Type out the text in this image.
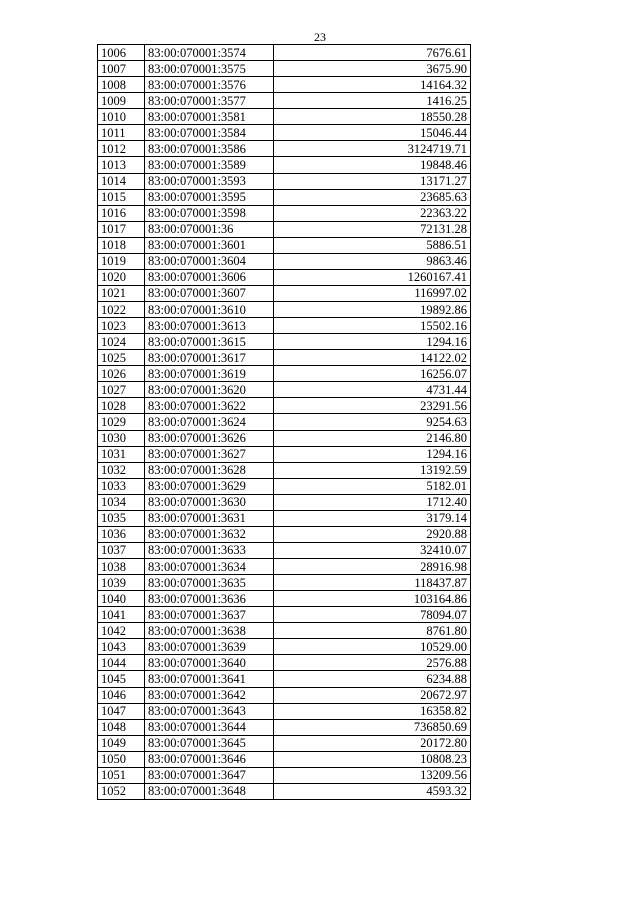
23
1006	83:00:070001:3574	7676.61
1007	83:00:070001:3575	3675.90
1008	83:00:070001:3576	14164.32
1009	83:00:070001:3577	1416.25
1010	83:00:070001:3581	18550.28
1011	83:00:070001:3584	15046.44
1012	83:00:070001:3586	3124719.71
1013	83:00:070001:3589	19848.46
1014	83:00:070001:3593	13171.27
1015	83:00:070001:3595	23685.63
1016	83:00:070001:3598	22363.22
1017	83:00:070001:36	72131.28
1018	83:00:070001:3601	5886.51
1019	83:00:070001:3604	9863.46
1020	83:00:070001:3606	1260167.41
1021	83:00:070001:3607	116997.02
1022	83:00:070001:3610	19892.86
1023	83:00:070001:3613	15502.16
1024	83:00:070001:3615	1294.16
1025	83:00:070001:3617	14122.02
1026	83:00:070001:3619	16256.07
1027	83:00:070001:3620	4731.44
1028	83:00:070001:3622	23291.56
1029	83:00:070001:3624	9254.63
1030	83:00:070001:3626	2146.80
1031	83:00:070001:3627	1294.16
1032	83:00:070001:3628	13192.59
1033	83:00:070001:3629	5182.01
1034	83:00:070001:3630	1712.40
1035	83:00:070001:3631	3179.14
1036	83:00:070001:3632	2920.88
1037	83:00:070001:3633	32410.07
1038	83:00:070001:3634	28916.98
1039	83:00:070001:3635	118437.87
1040	83:00:070001:3636	103164.86
1041	83:00:070001:3637	78094.07
1042	83:00:070001:3638	8761.80
1043	83:00:070001:3639	10529.00
1044	83:00:070001:3640	2576.88
1045	83:00:070001:3641	6234.88
1046	83:00:070001:3642	20672.97
1047	83:00:070001:3643	16358.82
1048	83:00:070001:3644	736850.69
1049	83:00:070001:3645	20172.80
1050	83:00:070001:3646	10808.23
1051	83:00:070001:3647	13209.56
1052	83:00:070001:3648	4593.32
